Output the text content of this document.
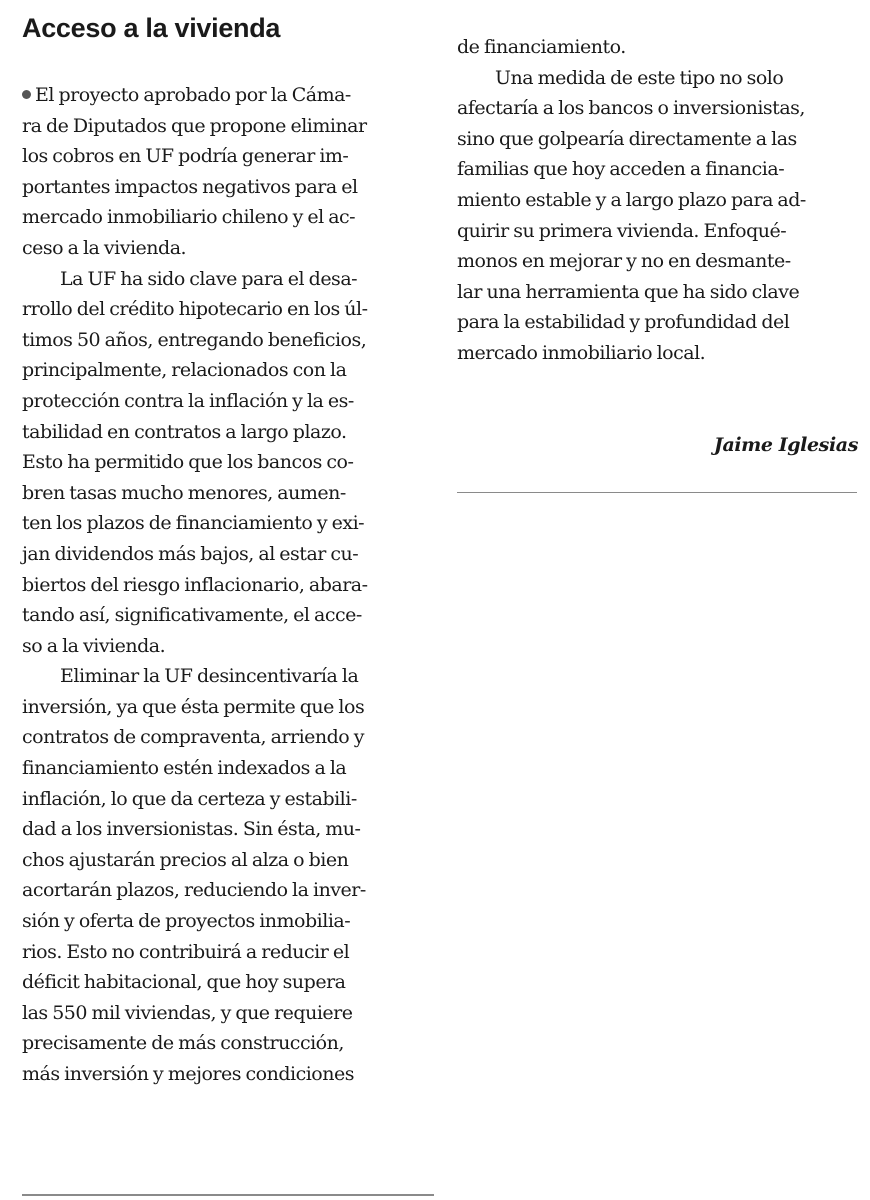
Acceso a la vivienda
El proyecto aprobado por la Cáma-
ra de Diputados que propone eliminar
los cobros en UF podría generar im-
portantes impactos negativos para el
mercado inmobiliario chileno y el ac-
ceso a la vivienda.
La UF ha sido clave para el desa-
rrollo del crédito hipotecario en los úl-
timos 50 años, entregando beneficios,
principalmente, relacionados con la
protección contra la inflación y la es-
tabilidad en contratos a largo plazo.
Esto ha permitido que los bancos co-
bren tasas mucho menores, aumen-
ten los plazos de financiamiento y exi-
jan dividendos más bajos, al estar cu-
biertos del riesgo inflacionario, abara-
tando así, significativamente, el acce-
so a la vivienda.
Eliminar la UF desincentivaría la
inversión, ya que ésta permite que los
contratos de compraventa, arriendo y
financiamiento estén indexados a la
inflación, lo que da certeza y estabili-
dad a los inversionistas. Sin ésta, mu-
chos ajustarán precios al alza o bien
acortarán plazos, reduciendo la inver-
sión y oferta de proyectos inmobilia-
rios. Esto no contribuirá a reducir el
déficit habitacional, que hoy supera
las 550 mil viviendas, y que requiere
precisamente de más construcción,
más inversión y mejores condiciones
de financiamiento.
Una medida de este tipo no solo
afectaría a los bancos o inversionistas,
sino que golpearía directamente a las
familias que hoy acceden a financia-
miento estable y a largo plazo para ad-
quirir su primera vivienda. Enfoqué-
monos en mejorar y no en desmante-
lar una herramienta que ha sido clave
para la estabilidad y profundidad del
mercado inmobiliario local.
Jaime Iglesias
